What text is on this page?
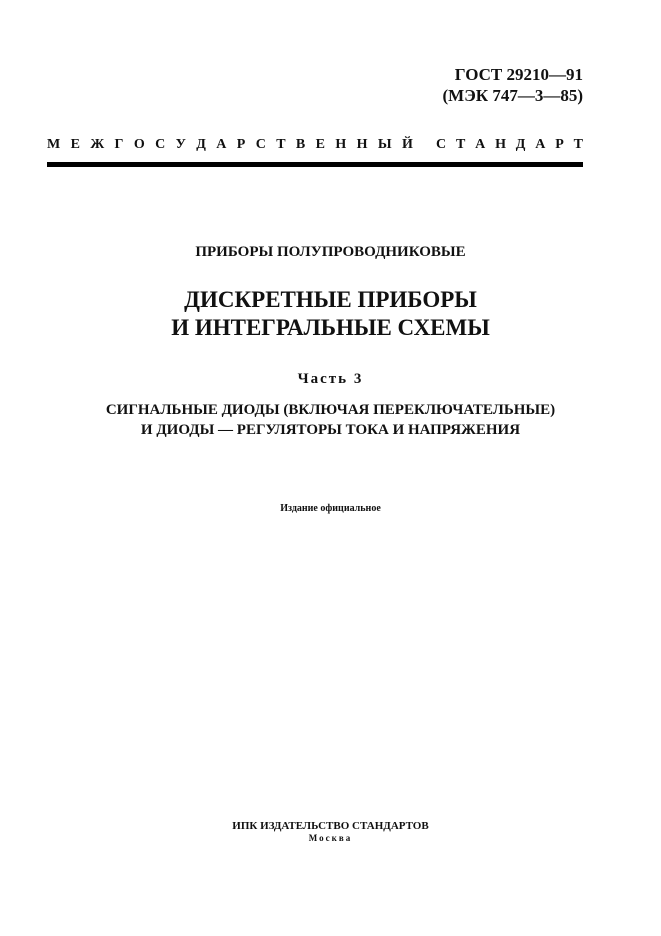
ГОСТ 29210—91
(МЭК 747—3—85)
М Е Ж Г О С У Д А Р С Т В Е Н Н Ы Й С Т А Н Д А Р Т
ПРИБОРЫ ПОЛУПРОВОДНИКОВЫЕ
ДИСКРЕТНЫЕ ПРИБОРЫ
И ИНТЕГРАЛЬНЫЕ СХЕМЫ
Часть 3
СИГНАЛЬНЫЕ ДИОДЫ (ВКЛЮЧАЯ ПЕРЕКЛЮЧАТЕЛЬНЫЕ)
И ДИОДЫ — РЕГУЛЯТОРЫ ТОКА И НАПРЯЖЕНИЯ
Издание официальное
ИПК ИЗДАТЕЛЬСТВО СТАНДАРТОВ
Москва
